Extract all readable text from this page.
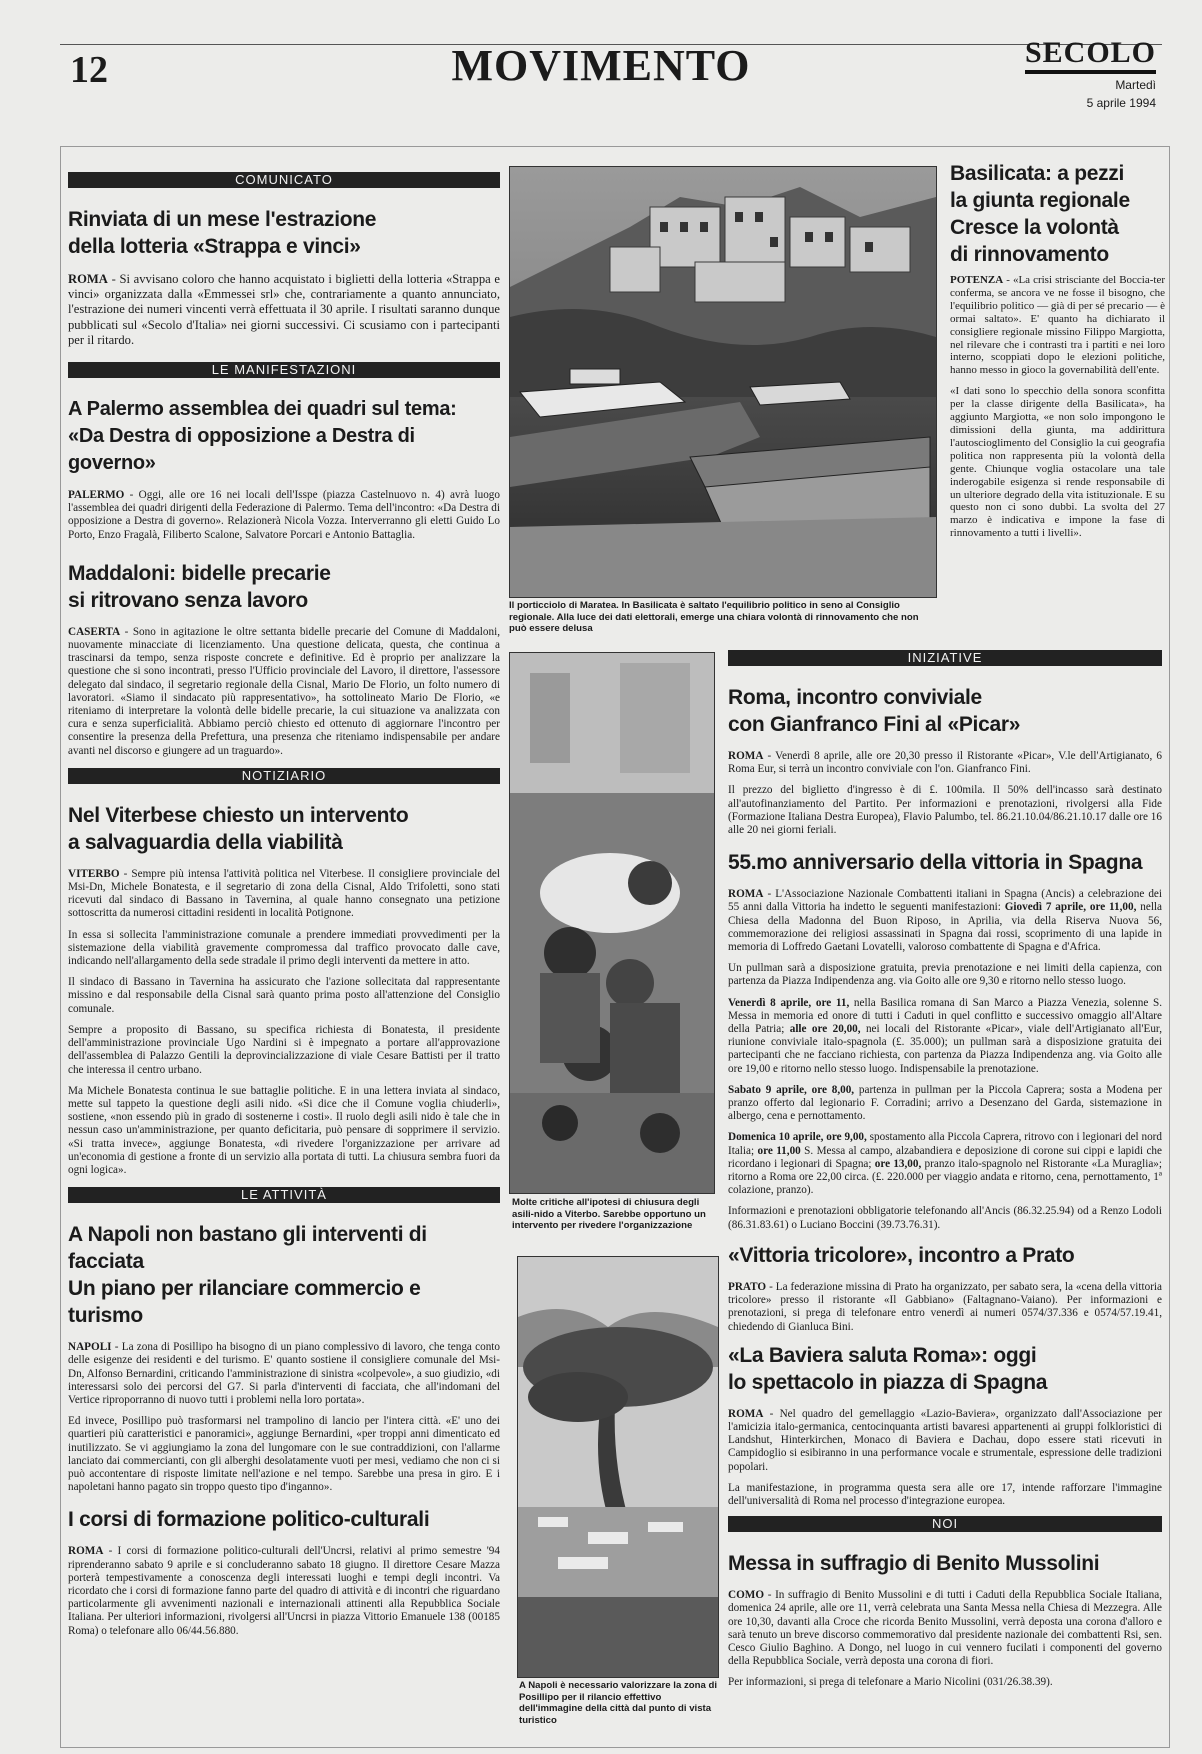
12	MOVIMENTO	SECOLO
Martedì
5 aprile 1994
COMUNICATO
Rinviata di un mese l'estrazione
della lotteria «Strappa e vinci»

ROMA - Si avvisano coloro che hanno acquistato i biglietti della lotteria «Strappa e vinci» organizzata dalla «Emmessei srl» che, contrariamente a quanto annunciato, l'estrazione dei numeri vincenti verrà effettuata il 30 aprile. I risultati saranno dunque pubblicati sul «Secolo d'Italia» nei giorni successivi. Ci scusiamo con i partecipanti per il ritardo.

LE MANIFESTAZIONI
A Palermo assemblea dei quadri sul tema:
«Da Destra di opposizione a Destra di governo»

PALERMO - Oggi, alle ore 16 nei locali dell'Isspe (piazza Castelnuovo n. 4) avrà luogo l'assemblea dei quadri dirigenti della Federazione di Palermo. Tema dell'incontro: «Da Destra di opposizione a Destra di governo». Relazionerà Nicola Vozza. Interverranno gli eletti Guido Lo Porto, Enzo Fragalà, Filiberto Scalone, Salvatore Porcari e Antonio Battaglia.

Maddaloni: bidelle precarie
si ritrovano senza lavoro

CASERTA - Sono in agitazione le oltre settanta bidelle precarie del Comune di Maddaloni, nuovamente minacciate di licenziamento. Una questione delicata, questa, che continua a trascinarsi da tempo, senza risposte concrete e definitive. Ed è proprio per analizzare la questione che si sono incontrati, presso l'Ufficio provinciale del Lavoro, il direttore, l'assessore delegato dal sindaco, il segretario regionale della Cisnal, Mario De Florio, un folto numero di lavoratori. «Siamo il sindacato più rappresentativo», ha sottolineato Mario De Florio, «e riteniamo di interpretare la volontà delle bidelle precarie, la cui situazione va analizzata con cura e senza superficialità. Abbiamo perciò chiesto ed ottenuto di aggiornare l'incontro per consentire la presenza della Prefettura, una presenza che riteniamo indispensabile per andare avanti nel discorso e giungere ad un traguardo».

NOTIZIARIO
Nel Viterbese chiesto un intervento
a salvaguardia della viabilità

VITERBO - Sempre più intensa l'attività politica nel Viterbese. Il consigliere provinciale del Msi-Dn, Michele Bonatesta, e il segretario di zona della Cisnal, Aldo Trifoletti, sono stati ricevuti dal sindaco di Bassano in Tavernina, al quale hanno consegnato una petizione sottoscritta da numerosi cittadini residenti in località Potignone.

In essa si sollecita l'amministrazione comunale a prendere immediati provvedimenti per la sistemazione della viabilità gravemente compromessa dal traffico provocato dalle cave, indicando nell'allargamento della sede stradale il primo degli interventi da mettere in atto.

Il sindaco di Bassano in Tavernina ha assicurato che l'azione sollecitata dal rappresentante missino e dal responsabile della Cisnal sarà quanto prima posto all'attenzione del Consiglio comunale.

Sempre a proposito di Bassano, su specifica richiesta di Bonatesta, il presidente dell'amministrazione provinciale Ugo Nardini si è impegnato a portare all'approvazione dell'assemblea di Palazzo Gentili la deprovincializzazione di viale Cesare Battisti per il tratto che interessa il centro urbano.

Ma Michele Bonatesta continua le sue battaglie politiche. E in una lettera inviata al sindaco, mette sul tappeto la questione degli asili nido. «Si dice che il Comune voglia chiuderli», sostiene, «non essendo più in grado di sostenerne i costi». Il ruolo degli asili nido è tale che in nessun caso un'amministrazione, per quanto deficitaria, può pensare di sopprimere il servizio. «Si tratta invece», aggiunge Bonatesta, «di rivedere l'organizzazione per arrivare ad un'economia di gestione a fronte di un servizio alla portata di tutti. La chiusura sembra fuori da ogni logica».

LE ATTIVITÀ
A Napoli non bastano gli interventi di facciata
Un piano per rilanciare commercio e turismo

NAPOLI - La zona di Posillipo ha bisogno di un piano complessivo di lavoro, che tenga conto delle esigenze dei residenti e del turismo. E' quanto sostiene il consigliere comunale del Msi-Dn, Alfonso Bernardini, criticando l'amministrazione di sinistra «colpevole», a suo giudizio, «di interessarsi solo dei percorsi del G7. Si parla d'interventi di facciata, che all'indomani del Vertice riproporranno di nuovo tutti i problemi nella loro portata».

Ed invece, Posillipo può trasformarsi nel trampolino di lancio per l'intera città. «E' uno dei quartieri più caratteristici e panoramici», aggiunge Bernardini, «per troppi anni dimenticato ed inutilizzato. Se vi aggiungiamo la zona del lungomare con le sue contraddizioni, con l'allarme lanciato dai commercianti, con gli alberghi desolatamente vuoti per mesi, vediamo che non ci si può accontentare di risposte limitate nell'azione e nel tempo. Sarebbe una presa in giro. E i napoletani hanno pagato sin troppo questo tipo d'inganno».

I corsi di formazione politico-culturali

ROMA - I corsi di formazione politico-culturali dell'Uncrsi, relativi al primo semestre '94 riprenderanno sabato 9 aprile e si concluderanno sabato 18 giugno. Il direttore Cesare Mazza porterà tempestivamente a conoscenza degli interessati luoghi e tempi degli incontri. Va ricordato che i corsi di formazione fanno parte del quadro di attività e di incontri che riguardano particolarmente gli avvenimenti nazionali e internazionali attinenti alla Repubblica Sociale Italiana. Per ulteriori informazioni, rivolgersi all'Uncrsi in piazza Vittorio Emanuele 138 (00185 Roma) o telefonare allo 06/44.56.880.

Il porticciolo di Maratea. In Basilicata è saltato l'equilibrio politico in seno al Consiglio regionale. Alla luce dei dati elettorali, emerge una chiara volontà di rinnovamento che non può essere delusa
Basilicata: a pezzi
la giunta regionale
Cresce la volontà
di rinnovamento

POTENZA - «La crisi strisciante del Boccia-ter conferma, se ancora ve ne fosse il bisogno, che l'equilibrio politico — già di per sé precario — è ormai saltato». E' quanto ha dichiarato il consigliere regionale missino Filippo Margiotta, nel rilevare che i contrasti tra i partiti e nei loro interno, scoppiati dopo le elezioni politiche, hanno messo in gioco la governabilità dell'ente.

«I dati sono lo specchio della sonora sconfitta per la classe dirigente della Basilicata», ha aggiunto Margiotta, «e non solo impongono le dimissioni della giunta, ma addirittura l'autoscioglimento del Consiglio la cui geografia politica non rappresenta più la volontà della gente. Chiunque voglia ostacolare una tale inderogabile esigenza si rende responsabile di un ulteriore degrado della vita istituzionale. E su questo non ci sono dubbi. La svolta del 27 marzo è indicativa e impone la fase di rinnovamento a tutti i livelli».

Molte critiche all'ipotesi di chiusura degli asili-nido a Viterbo. Sarebbe opportuno un intervento per rivedere l'organizzazione
A Napoli è necessario valorizzare la zona di Posillipo per il rilancio effettivo dell'immagine della città dal punto di vista turistico
INIZIATIVE
Roma, incontro conviviale
con Gianfranco Fini al «Picar»

ROMA - Venerdì 8 aprile, alle ore 20,30 presso il Ristorante «Picar», V.le dell'Artigianato, 6 Roma Eur, si terrà un incontro conviviale con l'on. Gianfranco Fini.

Il prezzo del biglietto d'ingresso è di £. 100mila. Il 50% dell'incasso sarà destinato all'autofinanziamento del Partito. Per informazioni e prenotazioni, rivolgersi alla Fide (Formazione Italiana Destra Europea), Flavio Palumbo, tel. 86.21.10.04/86.21.10.17 dalle ore 16 alle 20 nei giorni feriali.

55.mo anniversario della vittoria in Spagna

ROMA - L'Associazione Nazionale Combattenti italiani in Spagna (Ancis) a celebrazione dei 55 anni dalla Vittoria ha indetto le seguenti manifestazioni: Giovedì 7 aprile, ore 11,00, nella Chiesa della Madonna del Buon Riposo, in Aprilia, via della Riserva Nuova 56, commemorazione dei religiosi assassinati in Spagna dai rossi, scoprimento di una lapide in memoria di Loffredo Gaetani Lovatelli, valoroso combattente di Spagna e d'Africa.

Un pullman sarà a disposizione gratuita, previa prenotazione e nei limiti della capienza, con partenza da Piazza Indipendenza ang. via Goito alle ore 9,30 e ritorno nello stesso luogo.

Venerdì 8 aprile, ore 11, nella Basilica romana di San Marco a Piazza Venezia, solenne S. Messa in memoria ed onore di tutti i Caduti in quel conflitto e successivo omaggio all'Altare della Patria; alle ore 20,00, nei locali del Ristorante «Picar», viale dell'Artigianato all'Eur, riunione conviviale italo-spagnola (£. 35.000); un pullman sarà a disposizione gratuita dei partecipanti che ne facciano richiesta, con partenza da Piazza Indipendenza ang. via Goito alle ore 19,00 e ritorno nello stesso luogo. Indispensabile la prenotazione.

Sabato 9 aprile, ore 8,00, partenza in pullman per la Piccola Caprera; sosta a Modena per pranzo offerto dal legionario F. Corradini; arrivo a Desenzano del Garda, sistemazione in albergo, cena e pernottamento.

Domenica 10 aprile, ore 9,00, spostamento alla Piccola Caprera, ritrovo con i legionari del nord Italia; ore 11,00 S. Messa al campo, alzabandiera e deposizione di corone sui cippi e lapidi che ricordano i legionari di Spagna; ore 13,00, pranzo italo-spagnolo nel Ristorante «La Muraglia»; ritorno a Roma ore 22,00 circa. (£. 220.000 per viaggio andata e ritorno, cena, pernottamento, 1ª colazione, pranzo).

Informazioni e prenotazioni obbligatorie telefonando all'Ancis (86.32.25.94) od a Renzo Lodoli (86.31.83.61) o Luciano Boccini (39.73.76.31).

«Vittoria tricolore», incontro a Prato

PRATO - La federazione missina di Prato ha organizzato, per sabato sera, la «cena della vittoria tricolore» presso il ristorante «Il Gabbiano» (Faltagnano-Vaiano). Per informazioni e prenotazioni, si prega di telefonare entro venerdì ai numeri 0574/37.336 e 0574/57.19.41, chiedendo di Gianluca Bini.

«La Baviera saluta Roma»: oggi
lo spettacolo in piazza di Spagna

ROMA - Nel quadro del gemellaggio «Lazio-Baviera», organizzato dall'Associazione per l'amicizia italo-germanica, centocinquanta artisti bavaresi appartenenti ai gruppi folkloristici di Landshut, Hinterkirchen, Monaco di Baviera e Dachau, dopo essere stati ricevuti in Campidoglio si esibiranno in una performance vocale e strumentale, espressione delle tradizioni popolari.

La manifestazione, in programma questa sera alle ore 17, intende rafforzare l'immagine dell'universalità di Roma nel processo d'integrazione europea.

NOI
Messa in suffragio di Benito Mussolini

COMO - In suffragio di Benito Mussolini e di tutti i Caduti della Repubblica Sociale Italiana, domenica 24 aprile, alle ore 11, verrà celebrata una Santa Messa nella Chiesa di Mezzegra. Alle ore 10,30, davanti alla Croce che ricorda Benito Mussolini, verrà deposta una corona d'alloro e sarà tenuto un breve discorso commemorativo dal presidente nazionale dei combattenti Rsi, sen. Cesco Giulio Baghino. A Dongo, nel luogo in cui vennero fucilati i componenti del governo della Repubblica Sociale, verrà deposta una corona di fiori.

Per informazioni, si prega di telefonare a Mario Nicolini (031/26.38.39).
